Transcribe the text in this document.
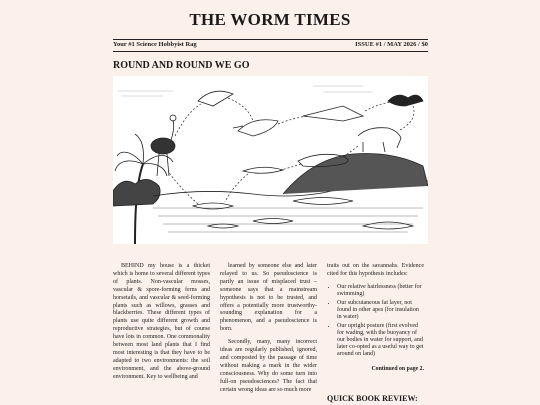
THE WORM TIMES
Your #1 Science Hobbyist Rag	ISSUE #1 / MAY 2026 / $0
ROUND AND ROUND WE GO

BEHIND my house is a thicket which is home to several different types of plants. Non-vascular mosses, vascular & spore-forming ferns and horsetails, and vascular & seed-forming plants such as willows, grasses and blackberries. These different types of plants use quite different growth and reproductive strategies, but of course have lots in common. One commonality between most land plants that I find most interesting is that they have to be adapted to two environments: the soil environment, and the above-ground environment. Key to wellbeing and

learned by someone else and later relayed to us. So pseudoscience is partly an issue of misplaced trust – someone says that a mainstream hypothesis is not to be trusted, and offers a potentially more trustworthy-sounding explanation for a phenomenon, and a pseudoscience is born.

Secondly, many, many incorrect ideas are regularly published, ignored, and composted by the passage of time without making a mark in the wider consciousness. Why do some turn into full-on pseudosciences? The fact that certain wrong ideas are so much more

traits out on the savannahs. Evidence cited for this hypothesis includes:

• Our relative hairlessness (better for swimming)
• Our subcutaneous fat layer, not found in other apes (for insulation in water)
• Our upright posture (first evolved for wading, with the buoyancy of our bodies in water for support, and later co-opted as a useful way to get around on land)
Continued on page 2.
QUICK BOOK REVIEW:
